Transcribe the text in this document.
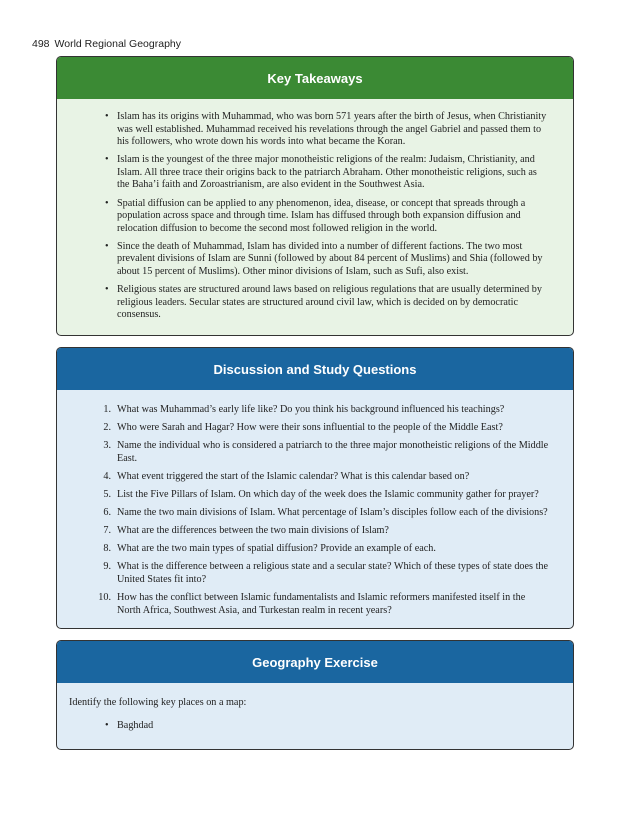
498 World Regional Geography
Key Takeaways
• Islam has its origins with Muhammad, who was born 571 years after the birth of Jesus, when Christianity was well established. Muhammad received his revelations through the angel Gabriel and passed them to his followers, who wrote down his words into what became the Koran.
• Islam is the youngest of the three major monotheistic religions of the realm: Judaism, Christianity, and Islam. All three trace their origins back to the patriarch Abraham. Other monotheistic religions, such as the Baha’i faith and Zoroastrianism, are also evident in the Southwest Asia.
• Spatial diffusion can be applied to any phenomenon, idea, disease, or concept that spreads through a population across space and through time. Islam has diffused through both expansion diffusion and relocation diffusion to become the second most followed religion in the world.
• Since the death of Muhammad, Islam has divided into a number of different factions. The two most prevalent divisions of Islam are Sunni (followed by about 84 percent of Muslims) and Shia (followed by about 15 percent of Muslims). Other minor divisions of Islam, such as Sufi, also exist.
• Religious states are structured around laws based on religious regulations that are usually determined by religious leaders. Secular states are structured around civil law, which is decided on by democratic consensus.
Discussion and Study Questions
1. What was Muhammad’s early life like? Do you think his background influenced his teachings?
2. Who were Sarah and Hagar? How were their sons influential to the people of the Middle East?
3. Name the individual who is considered a patriarch to the three major monotheistic religions of the Middle East.
4. What event triggered the start of the Islamic calendar? What is this calendar based on?
5. List the Five Pillars of Islam. On which day of the week does the Islamic community gather for prayer?
6. Name the two main divisions of Islam. What percentage of Islam’s disciples follow each of the divisions?
7. What are the differences between the two main divisions of Islam?
8. What are the two main types of spatial diffusion? Provide an example of each.
9. What is the difference between a religious state and a secular state? Which of these types of state does the United States fit into?
10. How has the conflict between Islamic fundamentalists and Islamic reformers manifested itself in the North Africa, Southwest Asia, and Turkestan realm in recent years?
Geography Exercise

Identify the following key places on a map:

• Baghdad
